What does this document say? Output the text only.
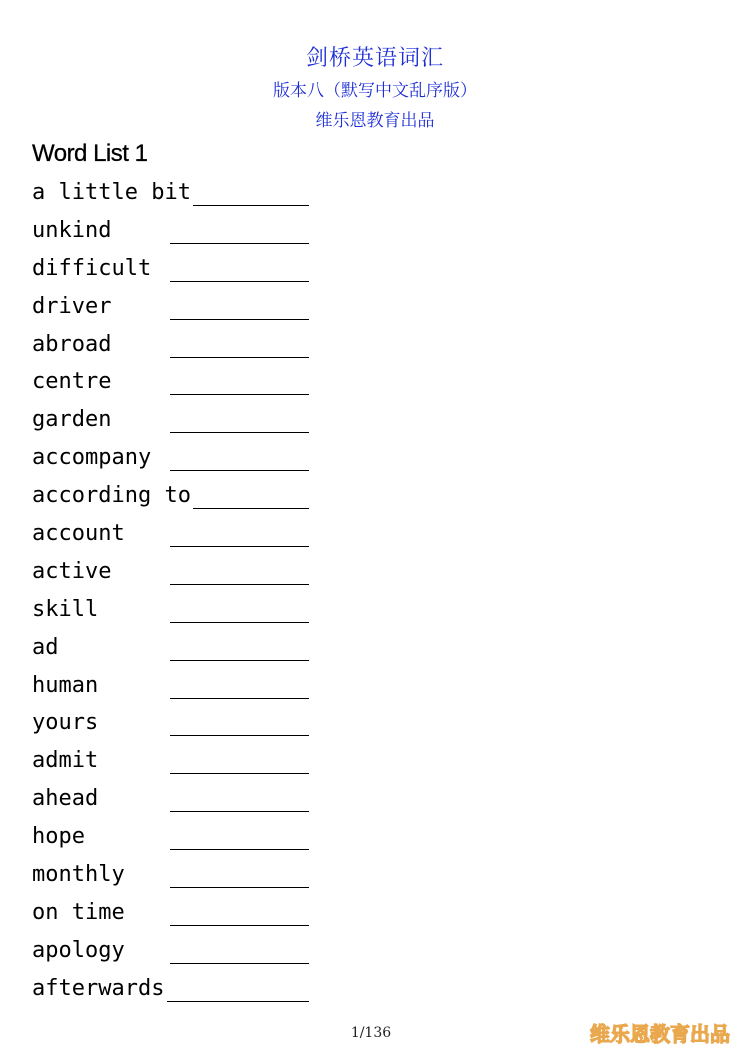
剑桥英语词汇
版本八（默写中文乱序版）
维乐恩教育出品
Word List 1
a little bit
unkind
difficult
driver
abroad
centre
garden
accompany
according to
account
active
skill
ad
human
yours
admit
ahead
hope
monthly
on time
apology
afterwards
1/136	维乐恩教育出品
